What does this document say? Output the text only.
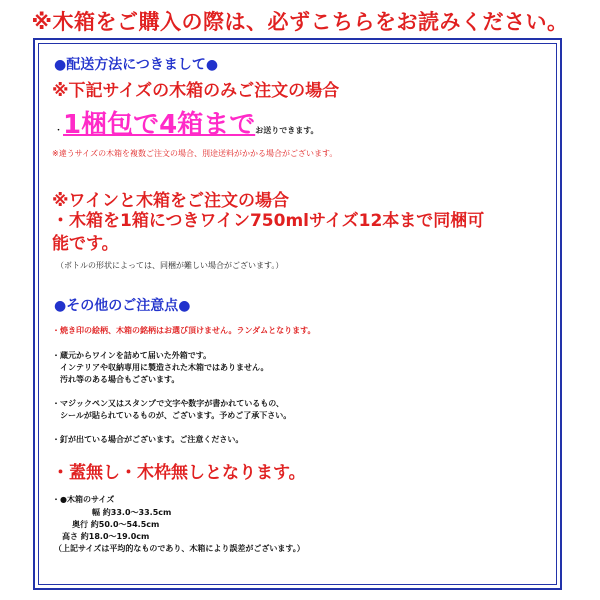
※木箱をご購入の際は、必ずこちらをお読みください。
●配送方法につきまして●
※下記サイズの木箱のみご注文の場合
・1梱包で4箱までお送りできます。
※違うサイズの木箱を複数ご注文の場合、別途送料がかかる場合がございます。
※ワインと木箱をご注文の場合
・木箱を1箱につきワイン750mlサイズ12本まで同梱可
能です。
（ボトルの形状によっては、同梱が難しい場合がございます。）
●その他のご注意点●
・焼き印の絵柄、木箱の銘柄はお選び頂けません。ランダムとなります。
・蔵元からワインを詰めて届いた外箱です。
　インテリアや収納専用に製造された木箱ではありません。
　汚れ等のある場合もございます。
・マジックペン又はスタンプで文字や数字が書かれているもの、
　シールが貼られているものが、ございます。予めご了承下さい。
・釘が出ている場合がございます。ご注意ください。
・蓋無し・木枠無しとなります。
・●木箱のサイズ
幅 約33.0～33.5cm
奥行 約50.0～54.5cm
高さ 約18.0～19.0cm
（上記サイズは平均的なものであり、木箱により誤差がございます。）
